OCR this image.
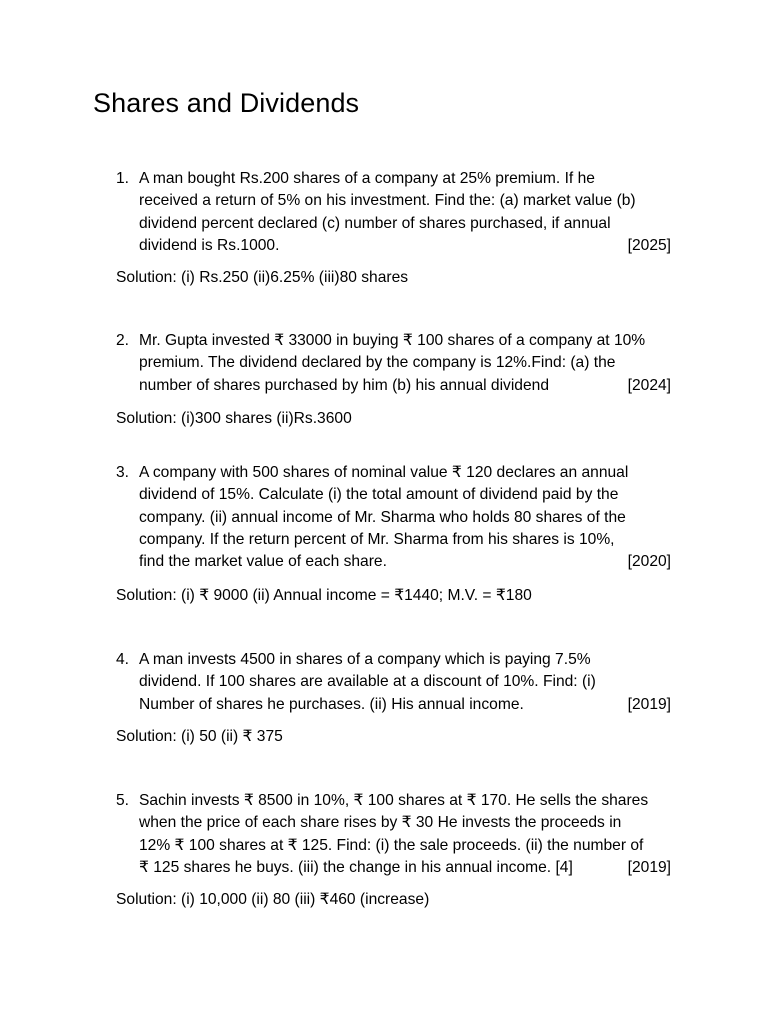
Shares and Dividends
1. A man bought Rs.200 shares of a company at 25% premium. If he
received a return of 5% on his investment. Find the: (a) market value (b)
dividend percent declared (c) number of shares purchased, if annual
dividend is Rs.1000.	[2025]
Solution: (i) Rs.250 (ii)6.25% (iii)80 shares
2. Mr. Gupta invested ₹ 33000 in buying ₹ 100 shares of a company at 10%
premium. The dividend declared by the company is 12%.Find: (a) the
number of shares purchased by him (b) his annual dividend	[2024]
Solution: (i)300 shares (ii)Rs.3600
3. A company with 500 shares of nominal value ₹ 120 declares an annual
dividend of 15%. Calculate (i) the total amount of dividend paid by the
company. (ii) annual income of Mr. Sharma who holds 80 shares of the
company. If the return percent of Mr. Sharma from his shares is 10%,
find the market value of each share.	[2020]
Solution: (i) ₹ 9000 (ii) Annual income = ₹1440; M.V. = ₹180
4. A man invests 4500 in shares of a company which is paying 7.5%
dividend. If 100 shares are available at a discount of 10%. Find: (i)
Number of shares he purchases. (ii) His annual income.	[2019]
Solution: (i) 50 (ii) ₹ 375
5. Sachin invests ₹ 8500 in 10%, ₹ 100 shares at ₹ 170. He sells the shares
when the price of each share rises by ₹ 30 He invests the proceeds in
12% ₹ 100 shares at ₹ 125. Find: (i) the sale proceeds. (ii) the number of
₹ 125 shares he buys. (iii) the change in his annual income. [4]	[2019]
Solution: (i) 10,000 (ii) 80 (iii) ₹460 (increase)
